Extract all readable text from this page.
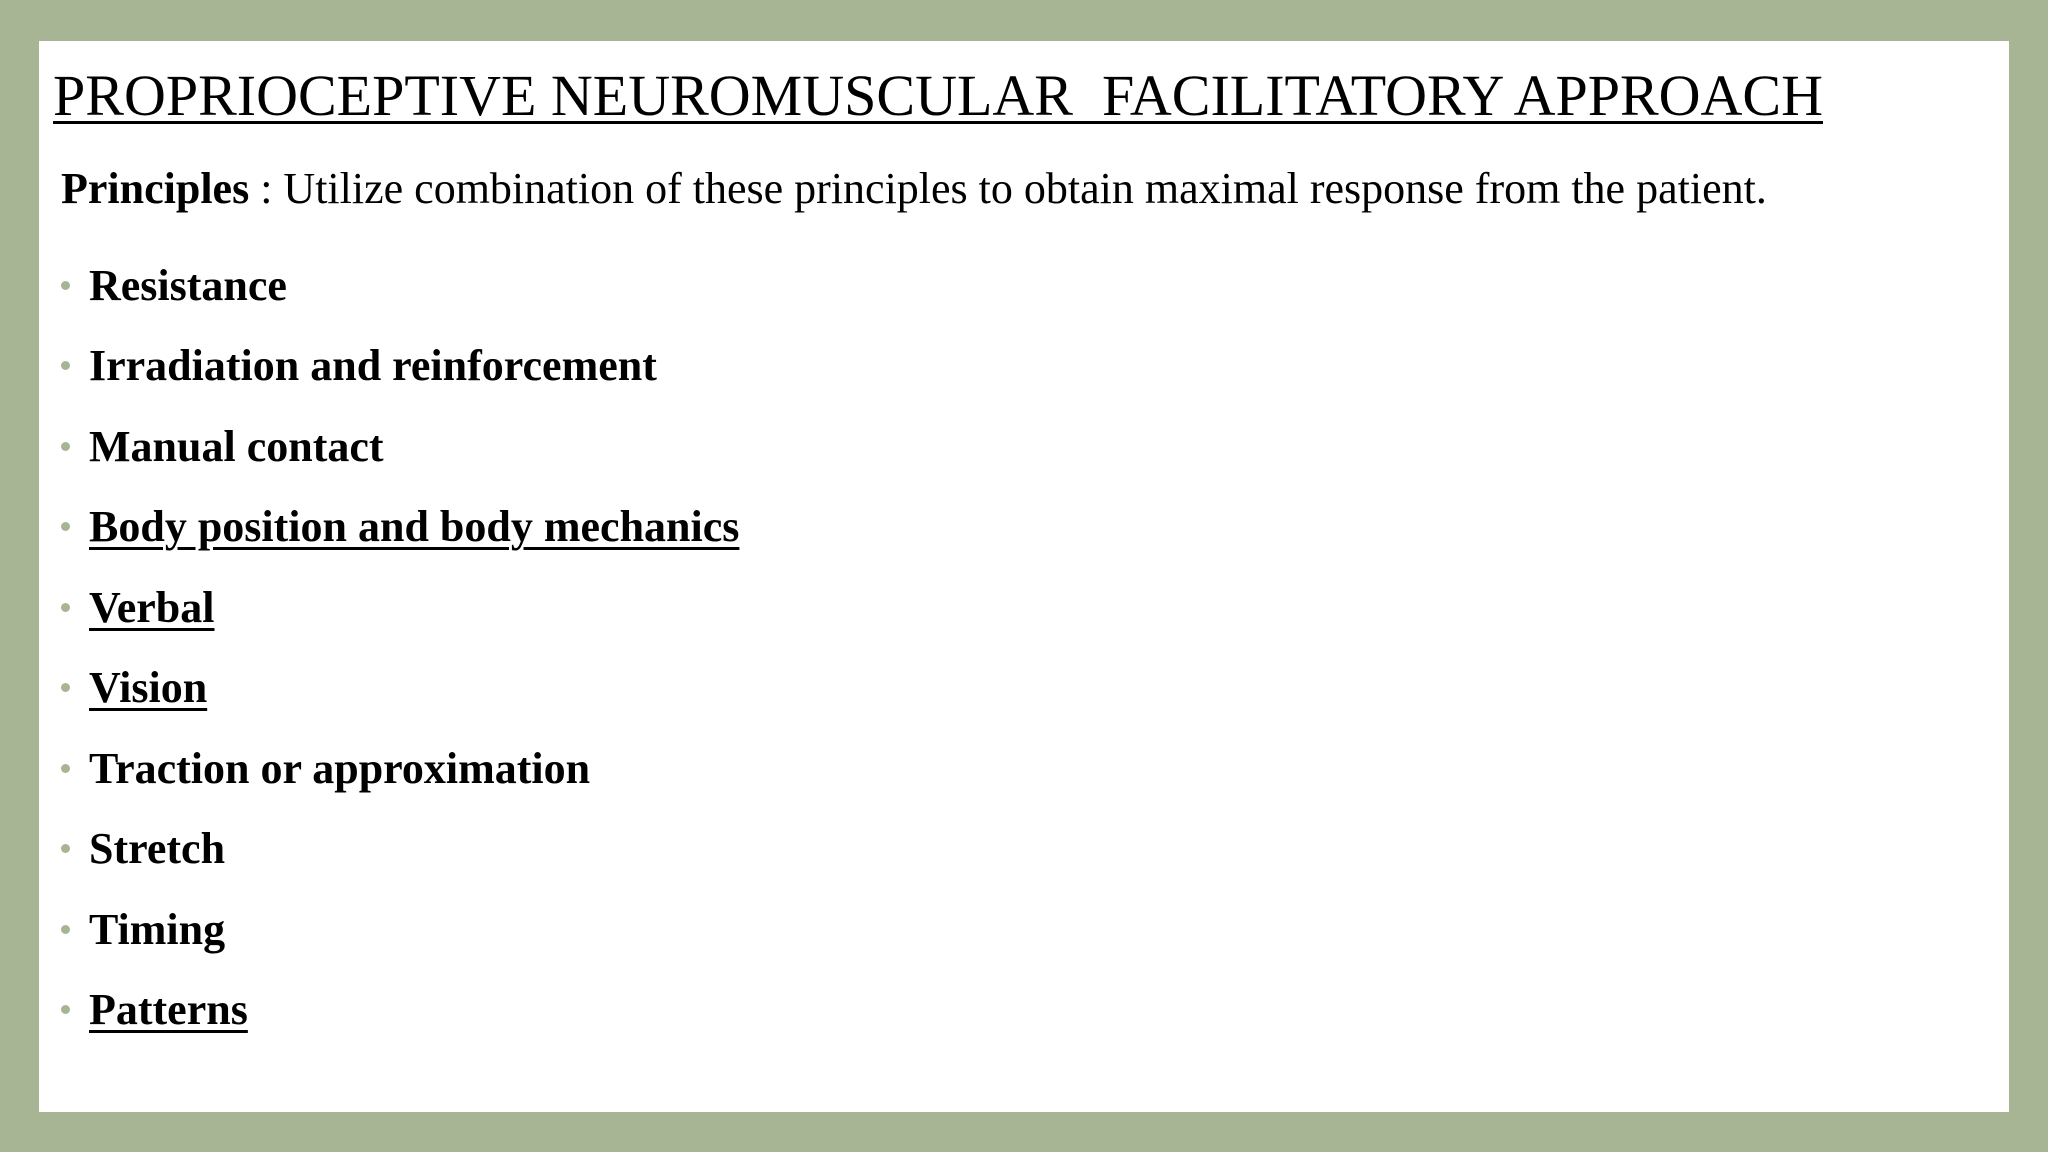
PROPRIOCEPTIVE NEUROMUSCULAR  FACILITATORY APPROACH
Principles : Utilize combination of these principles to obtain maximal response from the patient.
Resistance
Irradiation and reinforcement
Manual contact
Body position and body mechanics
Verbal
Vision
Traction or approximation
Stretch
Timing
Patterns
